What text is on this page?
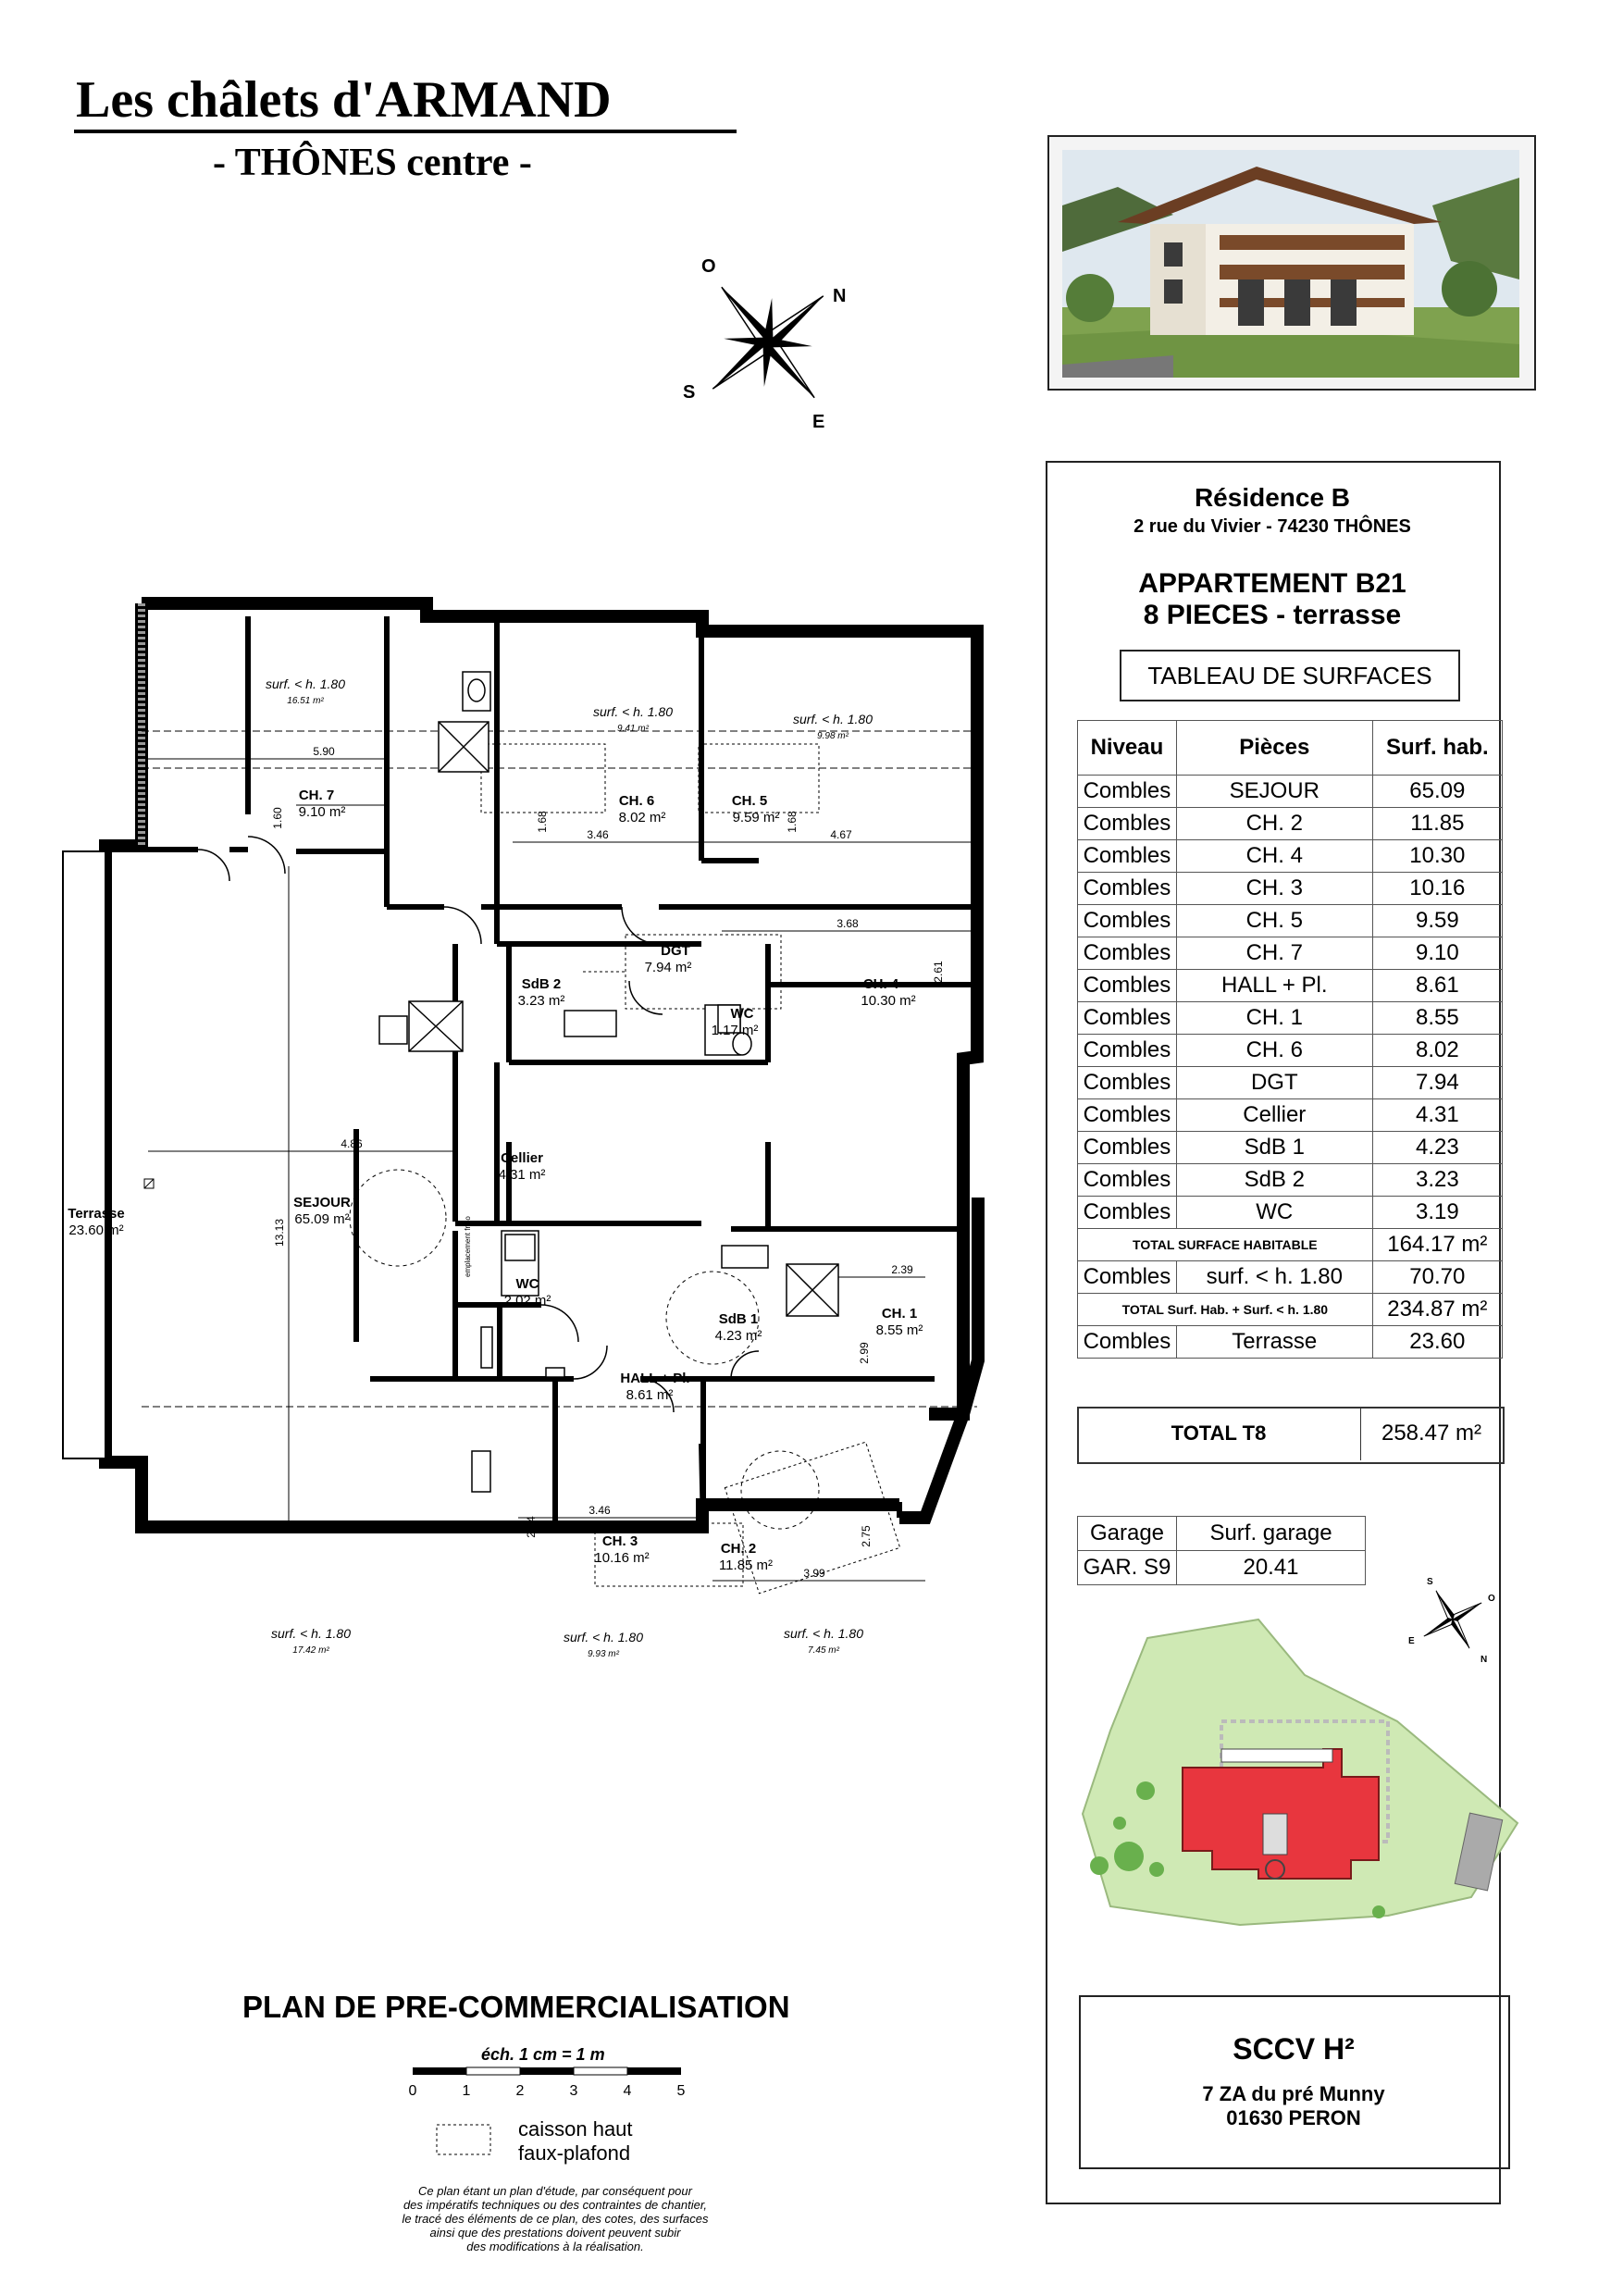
Les châlets d'ARMAND
- THÔNES centre -
O
N
S
E
Résidence B
2 rue du Vivier - 74230 THÔNES
APPARTEMENT B21
8 PIECES - terrasse
TABLEAU DE SURFACES
Niveau	Pièces	Surf. hab.
Combles	SEJOUR	65.09
Combles	CH. 2	11.85
Combles	CH. 4	10.30
Combles	CH. 3	10.16
Combles	CH. 5	9.59
Combles	CH. 7	9.10
Combles	HALL + Pl.	8.61
Combles	CH. 1	8.55
Combles	CH. 6	8.02
Combles	DGT	7.94
Combles	Cellier	4.31
Combles	SdB 1	4.23
Combles	SdB 2	3.23
Combles	WC	3.19
TOTAL SURFACE HABITABLE		164.17 m²
Combles	surf. < h. 1.80	70.70
TOTAL Surf. Hab. + Surf. < h. 1.80		234.87 m²
Combles	Terrasse	23.60
TOTAL T8	258.47 m²
Garage	Surf. garage
GAR. S9	20.41
S
O
E
N
SCCV H²
7 ZA du pré Munny
01630 PERON
Terrasse
23.60 m²
CH. 7
9.10 m²
CH. 6
8.02 m²
CH. 5
9.59 m²
CH. 4
10.30 m²
DGT
7.94 m²
SdB 2
3.23 m²
WC
1.17 m²
Cellier
4.31 m²
SEJOUR
65.09 m²
WC
2.02 m²
SdB 1
4.23 m²
CH. 1
8.55 m²
HALL + Pl.
8.61 m²
CH. 2
11.85 m²
CH. 3
10.16 m²
surf. < h. 1.80
16.51 m²
surf. < h. 1.80
9.41 m²
surf. < h. 1.80
9.98 m²
surf. < h. 1.80
17.42 m²
surf. < h. 1.80
9.93 m²
surf. < h. 1.80
7.45 m²
5.90
1.60	1.68
3.46
1.68
4.67
3.68
2.61
4.86
13.13
2.39
2.99
3.46
2.54	2.75
3.99
emplacement frigo
PLAN DE PRE-COMMERCIALISATION
éch. 1 cm = 1 m
0	1	2	3	4	5
caisson haut
faux-plafond
Ce plan étant un plan d'étude, par conséquent pour
des impératifs techniques ou des contraintes de chantier,
le tracé des éléments de ce plan, des cotes, des surfaces
ainsi que des prestations doivent peuvent subir
des modifications à la réalisation.
